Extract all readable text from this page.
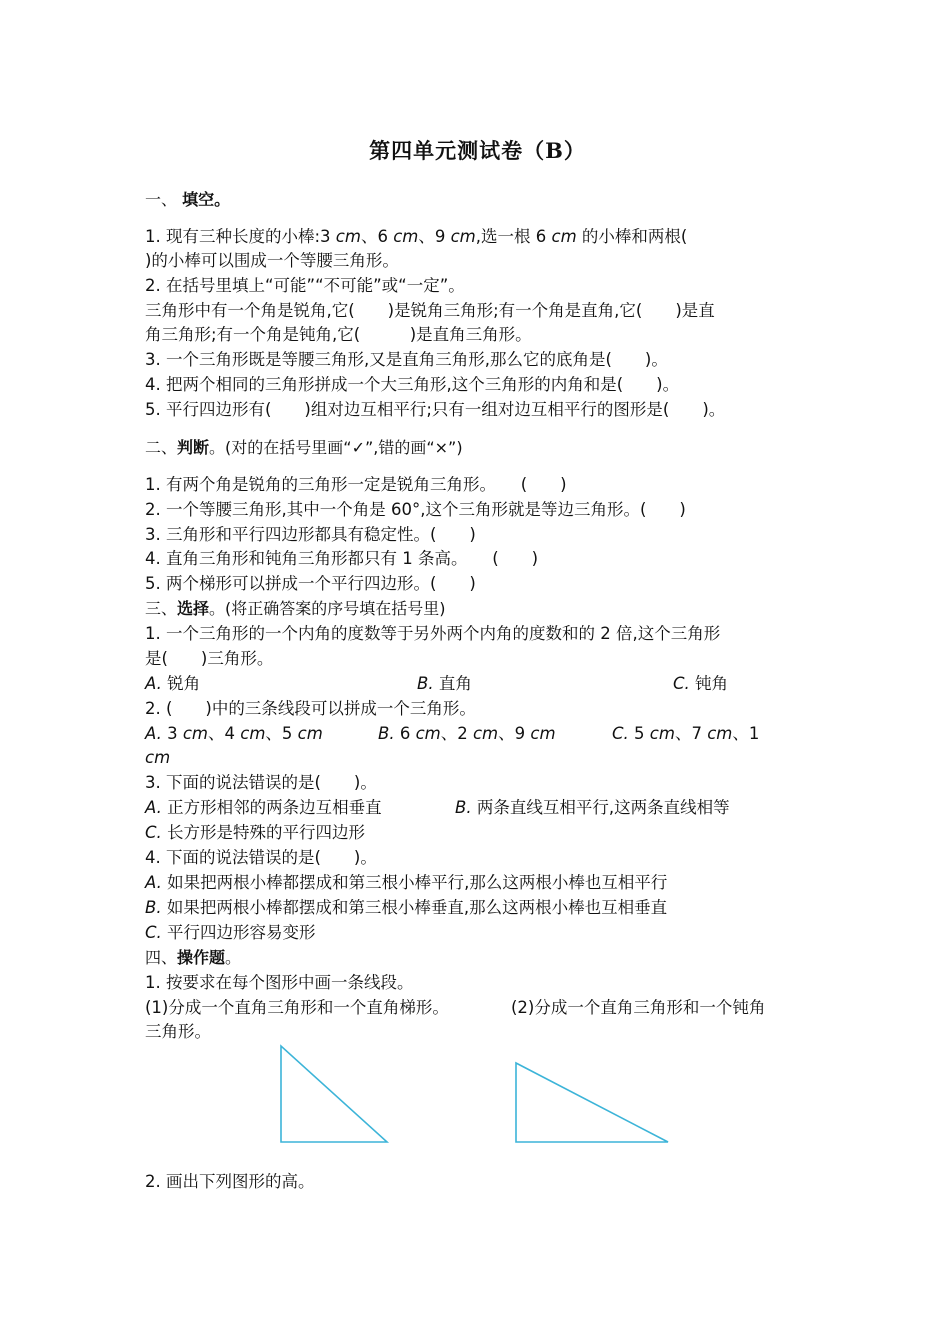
第四单元测试卷（B）
一、 填空。
1. 现有三种长度的小棒:3 cm、6 cm、9 cm,选一根 6 cm 的小棒和两根(
)的小棒可以围成一个等腰三角形。
2. 在括号里填上“可能”“不可能”或“一定”。
三角形中有一个角是锐角,它(　　)是锐角三角形;有一个角是直角,它(　　)是直
角三角形;有一个角是钝角,它(　　　)是直角三角形。
3. 一个三角形既是等腰三角形,又是直角三角形,那么它的底角是(　　)。
4. 把两个相同的三角形拼成一个大三角形,这个三角形的内角和是(　　)。
5. 平行四边形有(　　)组对边互相平行;只有一组对边互相平行的图形是(　　)。
二、判断。(对的在括号里画“✓”,错的画“×”)
1. 有两个角是锐角的三角形一定是锐角三角形。　　(　　)
2. 一个等腰三角形,其中一个角是 60°,这个三角形就是等边三角形。(　　)
3. 三角形和平行四边形都具有稳定性。(　　)
4. 直角三角形和钝角三角形都只有 1 条高。　　(　　)
5. 两个梯形可以拼成一个平行四边形。(　　)
三、选择。(将正确答案的序号填在括号里)
1. 一个三角形的一个内角的度数等于另外两个内角的度数和的 2 倍,这个三角形
是(　　)三角形。
A. 锐角	B. 直角	C. 钝角
2. (　　)中的三条线段可以拼成一个三角形。
A. 3 cm、4 cm、5 cm	B. 6 cm、2 cm、9 cm	C. 5 cm、7 cm、1
cm
3. 下面的说法错误的是(　　)。
A. 正方形相邻的两条边互相垂直	B. 两条直线互相平行,这两条直线相等
C. 长方形是特殊的平行四边形
4. 下面的说法错误的是(　　)。
A. 如果把两根小棒都摆成和第三根小棒平行,那么这两根小棒也互相平行
B. 如果把两根小棒都摆成和第三根小棒垂直,那么这两根小棒也互相垂直
C. 平行四边形容易变形
四、操作题。
1. 按要求在每个图形中画一条线段。
(1)分成一个直角三角形和一个直角梯形。	(2)分成一个直角三角形和一个钝角
三角形。
2. 画出下列图形的高。
